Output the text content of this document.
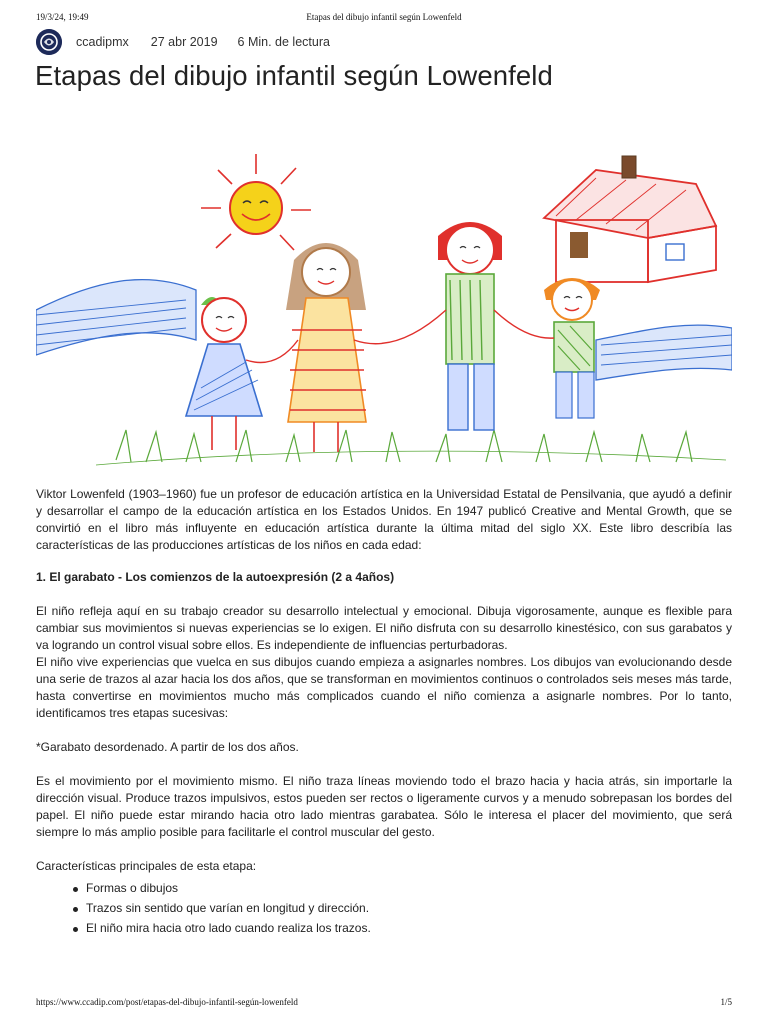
19/3/24, 19:49	Etapas del dibujo infantil según Lowenfeld
ccadipmx 27 abr 2019 6 Min. de lectura
Etapas del dibujo infantil según Lowenfeld

Viktor Lowenfeld (1903–1960) fue un profesor de educación artística en la Universidad Estatal de Pensilvania, que ayudó a definir y desarrollar el campo de la educación artística en los Estados Unidos. En 1947 publicó Creative and Mental Growth, que se convirtió en el libro más influyente en educación artística durante la última mitad del siglo XX. Este libro describía las características de las producciones artísticas de los niños en cada edad:

1. El garabato - Los comienzos de la autoexpresión (2 a 4años)

El niño refleja aquí en su trabajo creador su desarrollo intelectual y emocional. Dibuja vigorosamente, aunque es flexible para cambiar sus movimientos si nuevas experiencias se lo exigen. El niño disfruta con su desarrollo kinestésico, con sus garabatos y va logrando un control visual sobre ellos. Es independiente de influencias perturbadoras.

El niño vive experiencias que vuelca en sus dibujos cuando empieza a asignarles nombres. Los dibujos van evolucionando desde una serie de trazos al azar hacia los dos años, que se transforman en movimientos continuos o controlados seis meses más tarde, hasta convertirse en movimientos mucho más complicados cuando el niño comienza a asignarle nombres. Por lo tanto, identificamos tres etapas sucesivas:

*Garabato desordenado. A partir de los dos años.

Es el movimiento por el movimiento mismo. El niño traza líneas moviendo todo el brazo hacia y hacia atrás, sin importarle la dirección visual. Produce trazos impulsivos, estos pueden ser rectos o ligeramente curvos y a menudo sobrepasan los bordes del papel. El niño puede estar mirando hacia otro lado mientras garabatea. Sólo le interesa el placer del movimiento, que será siempre lo más amplio posible para facilitarle el control muscular del gesto.

Características principales de esta etapa:

Formas o dibujos
Trazos sin sentido que varían en longitud y dirección.
El niño mira hacia otro lado cuando realiza los trazos.
https://www.ccadip.com/post/etapas-del-dibujo-infantil-según-lowenfeld	1/5
